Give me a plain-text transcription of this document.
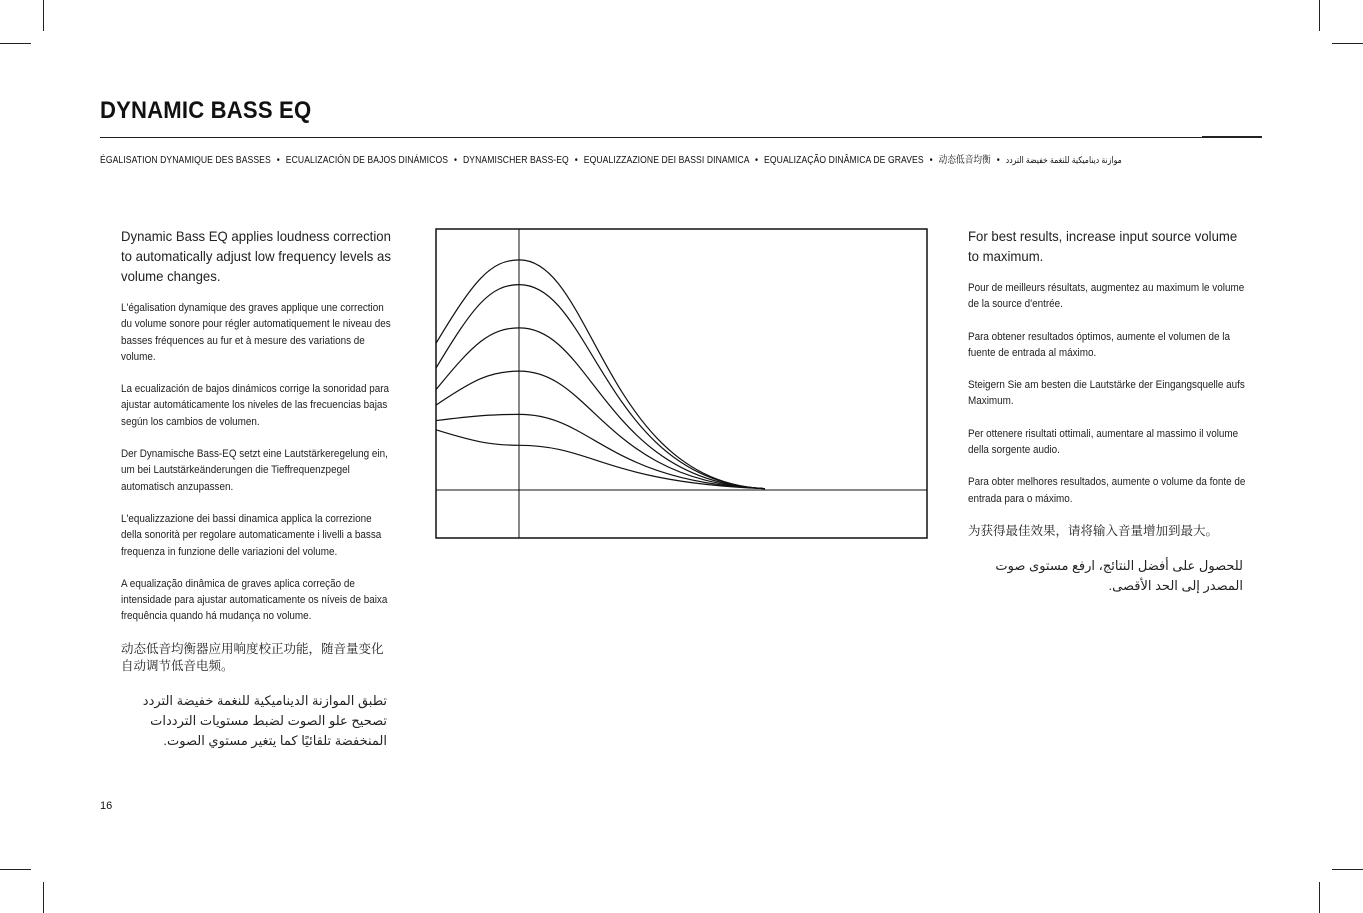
DYNAMIC BASS EQ
ÉGALISATION DYNAMIQUE DES BASSES • ECUALIZACIÓN DE BAJOS DINÁMICOS • DYNAMISCHER BASS-EQ • EQUALIZZAZIONE DEI BASSI DINAMICA • EQUALIZAÇÃO DINÂMICA DE GRAVES • 动态低音均衡 • موازنة ديناميكية للنغمة خفيضة التردد

Dynamic Bass EQ applies loudness correction to automatically adjust low frequency levels as volume changes.

L'égalisation dynamique des graves applique une correction du volume sonore pour régler automatiquement le niveau des basses fréquences au fur et à mesure des variations de volume.

La ecualización de bajos dinámicos corrige la sonoridad para ajustar automáticamente los niveles de las frecuencias bajas según los cambios de volumen.

Der Dynamische Bass-EQ setzt eine Lautstärkeregelung ein, um bei Lautstärkeänderungen die Tieffrequenzpegel automatisch anzupassen.

L'equalizzazione dei bassi dinamica applica la correzione della sonorità per regolare automaticamente i livelli a bassa frequenza in funzione delle variazioni del volume.

A equalização dinâmica de graves aplica correção de intensidade para ajustar automaticamente os níveis de baixa frequência quando há mudança no volume.

动态低音均衡器应用响度校正功能，随音量变化自动调节低音电频。

تطبق الموازنة الديناميكية للنغمة خفيضة التردد تصحيح علو الصوت لضبط مستويات الترددات المنخفضة تلقائيًا كما يتغير مستوي الصوت.

For best results, increase input source volume to maximum.

Pour de meilleurs résultats, augmentez au maximum le volume de la source d'entrée.

Para obtener resultados óptimos, aumente el volumen de la fuente de entrada al máximo.

Steigern Sie am besten die Lautstärke der Eingangsquelle aufs Maximum.

Per ottenere risultati ottimali, aumentare al massimo il volume della sorgente audio.

Para obter melhores resultados, aumente o volume da fonte de entrada para o máximo.

为获得最佳效果，请将输入音量增加到最大。

للحصول على أفضل النتائج، ارفع مستوى صوت المصدر إلى الحد الأقصى.

16
